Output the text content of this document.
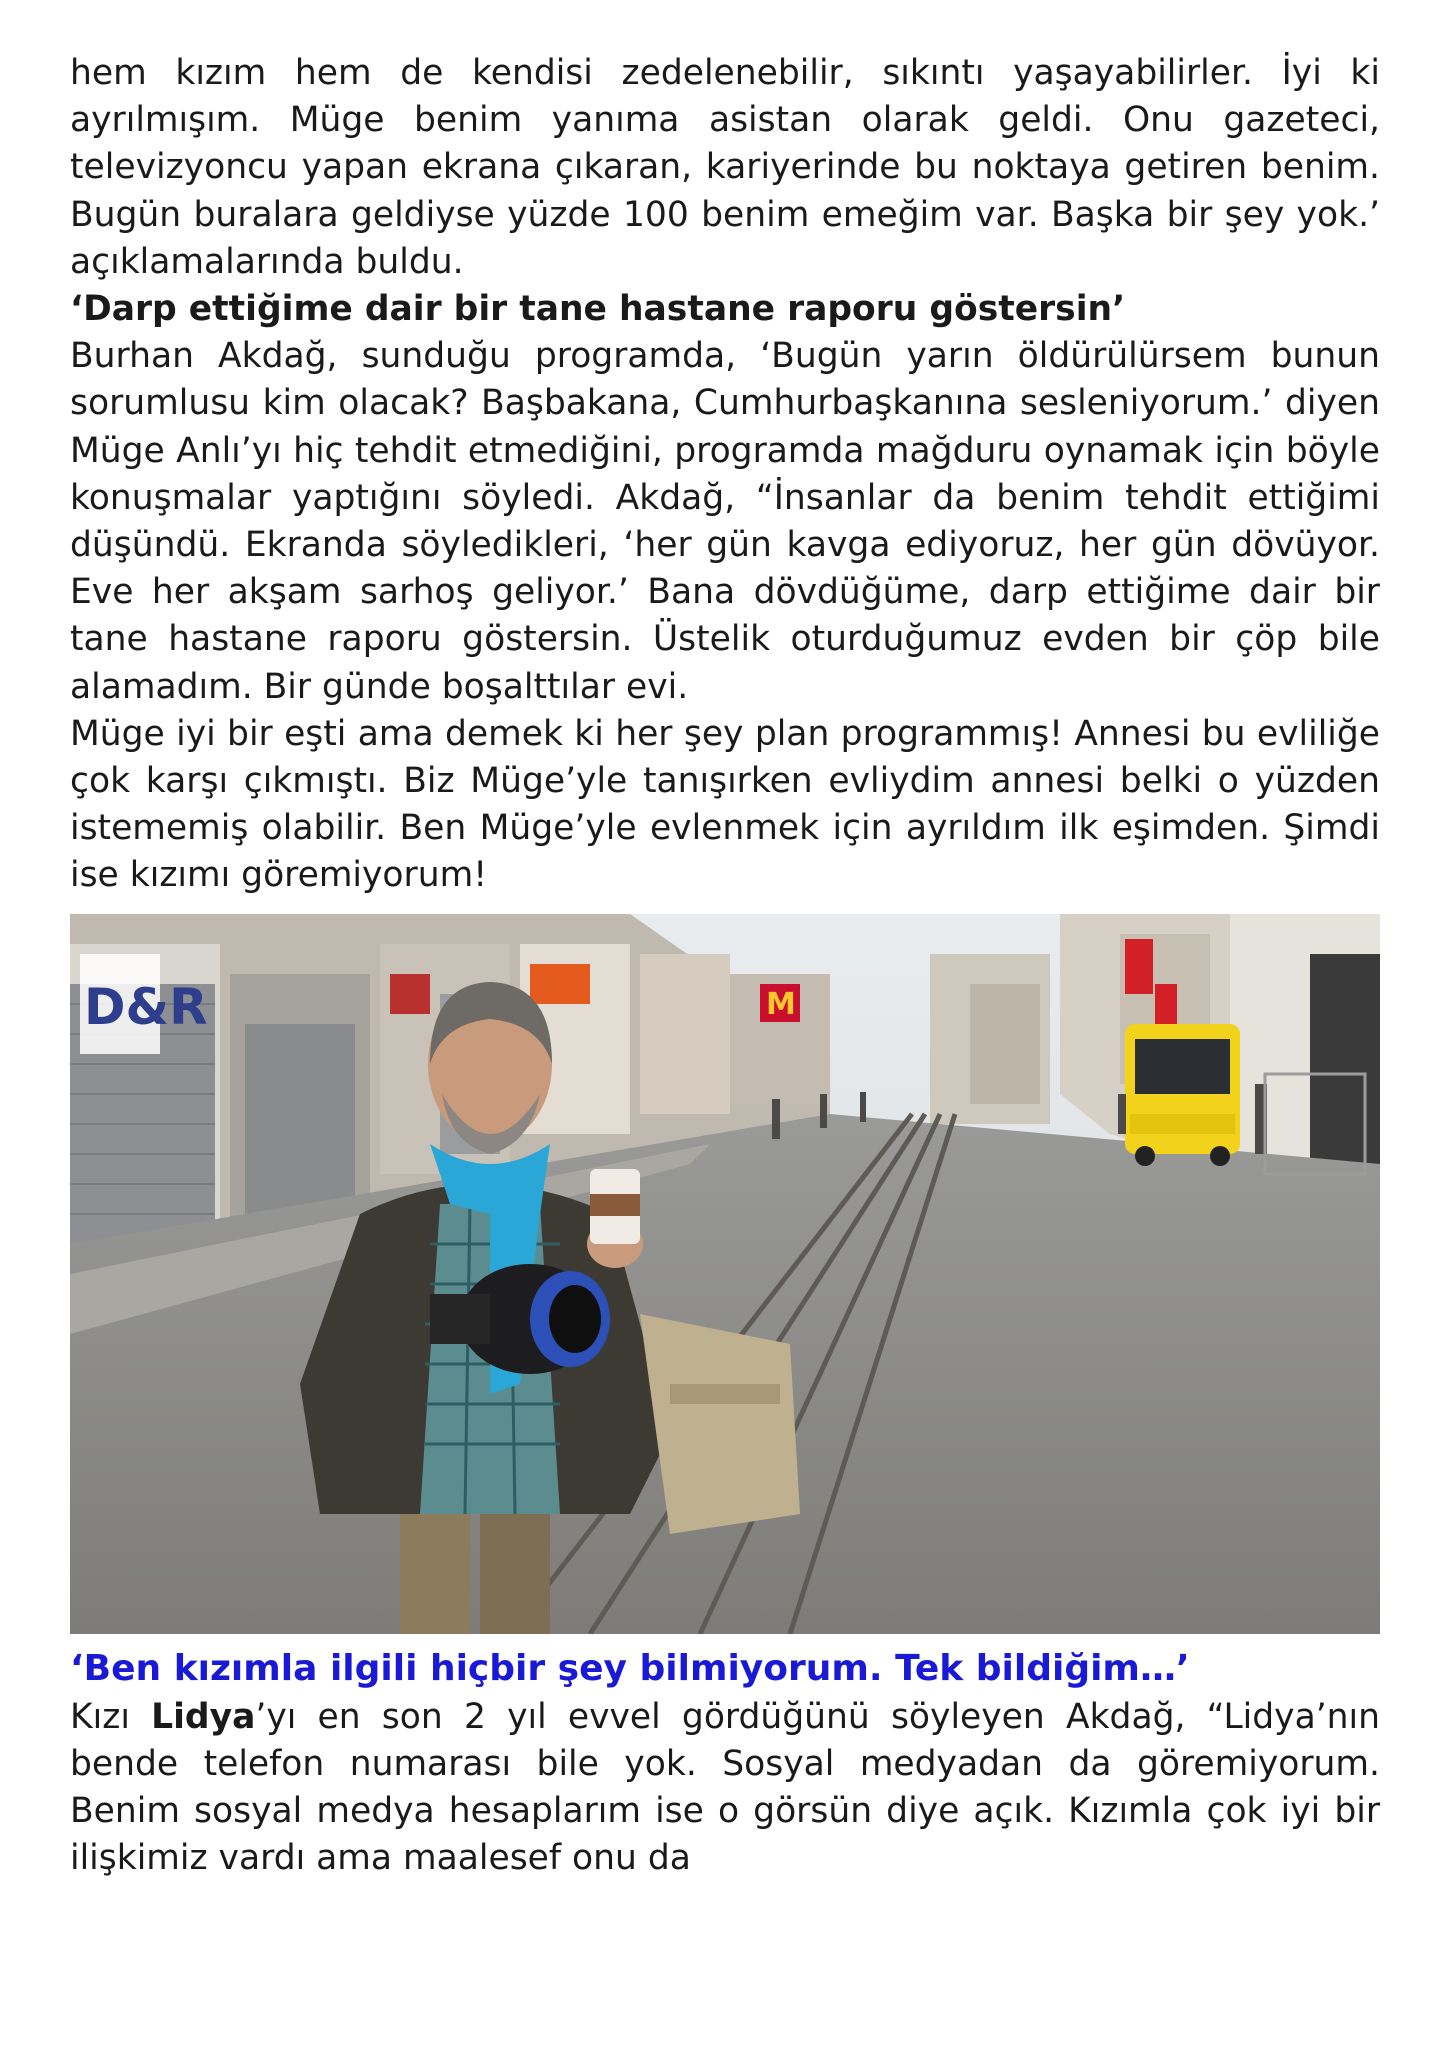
hem kızım hem de kendisi zedelenebilir, sıkıntı yaşayabilirler. İyi ki ayrılmışım. Müge benim yanıma asistan olarak geldi. Onu gazeteci, televizyoncu yapan ekrana çıkaran, kariyerinde bu noktaya getiren benim. Bugün buralara geldiyse yüzde 100 benim emeğim var. Başka bir şey yok.’ açıklamalarında buldu.

‘Darp ettiğime dair bir tane hastane raporu göstersin’

Burhan Akdağ, sunduğu programda, ‘Bugün yarın öldürülürsem bunun sorumlusu kim olacak? Başbakana, Cumhurbaşkanına sesleniyorum.’ diyen Müge Anlı’yı hiç tehdit etmediğini, programda mağduru oynamak için böyle konuşmalar yaptığını söyledi. Akdağ, “İnsanlar da benim tehdit ettiğimi düşündü. Ekranda söyledikleri, ‘her gün kavga ediyoruz, her gün dövüyor. Eve her akşam sarhoş geliyor.’ Bana dövdüğüme, darp ettiğime dair bir tane hastane raporu göstersin. Üstelik oturduğumuz evden bir çöp bile alamadım. Bir günde boşalttılar evi.

Müge iyi bir eşti ama demek ki her şey plan programmış! Annesi bu evliliğe çok karşı çıkmıştı. Biz Müge’yle tanışırken evliydim annesi belki o yüzden istememiş olabilir. Ben Müge’yle evlenmek için ayrıldım ilk eşimden. Şimdi ise kızımı göremiyorum!

D&R	M

‘Ben kızımla ilgili hiçbir şey bilmiyorum. Tek bildiğim…’

Kızı Lidya’yı en son 2 yıl evvel gördüğünü söyleyen Akdağ, “Lidya’nın bende telefon numarası bile yok. Sosyal medyadan da göremiyorum. Benim sosyal medya hesaplarım ise o görsün diye açık. Kızımla çok iyi bir ilişkimiz vardı ama maalesef onu da
